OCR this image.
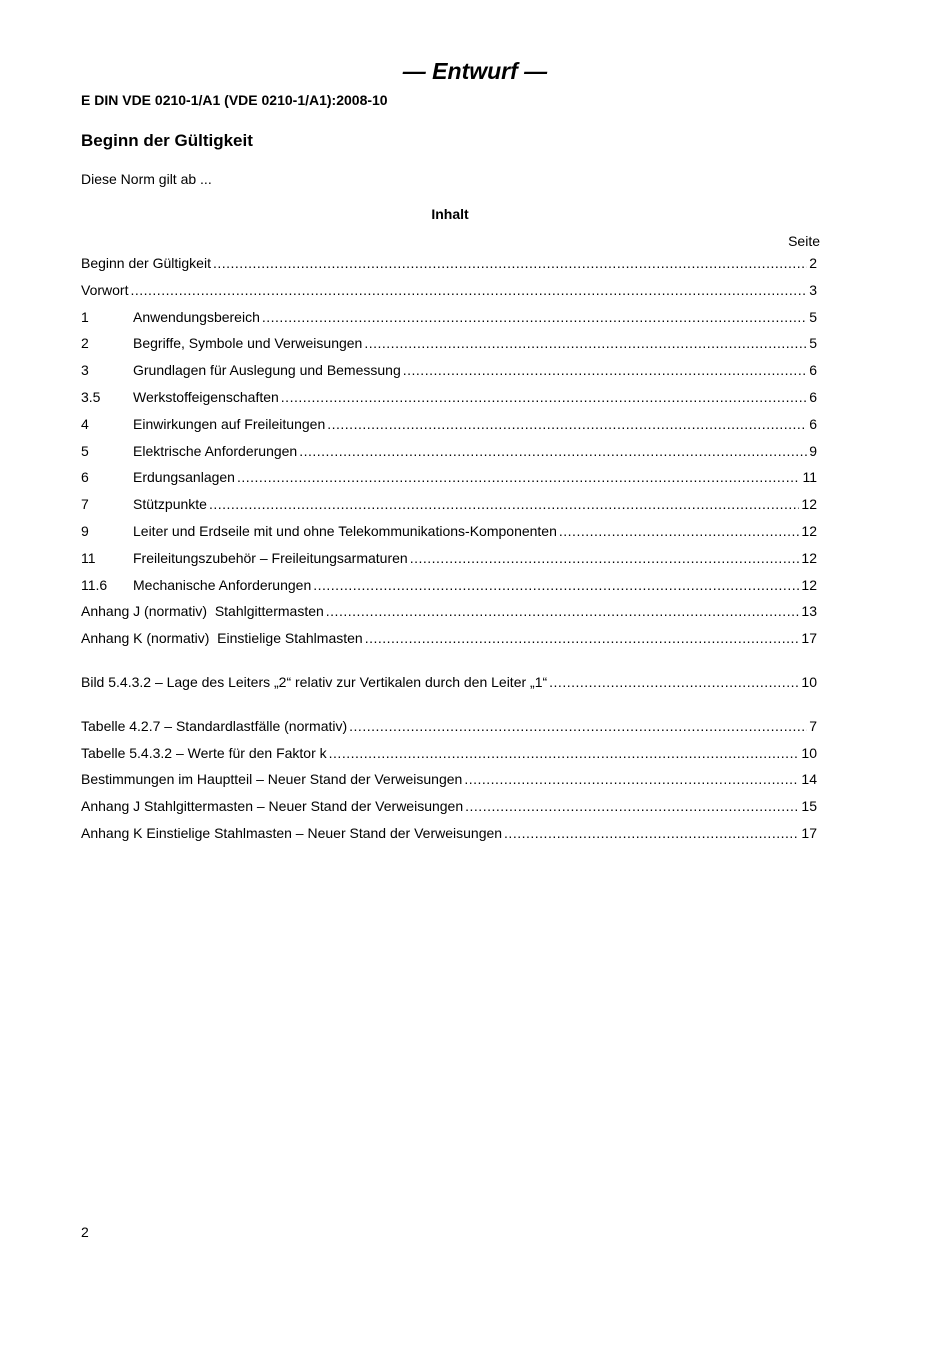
— Entwurf —
E DIN VDE 0210-1/A1 (VDE 0210-1/A1):2008-10
Beginn der Gültigkeit
Diese Norm gilt ab ...
Inhalt
Seite
Beginn der Gültigkeit .....	2
Vorwort .....	3
1	Anwendungsbereich .....	5
2	Begriffe, Symbole und Verweisungen .....	5
3	Grundlagen für Auslegung und Bemessung .....	6
3.5	Werkstoffeigenschaften .....	6
4	Einwirkungen auf Freileitungen .....	6
5	Elektrische Anforderungen .....	9
6	Erdungsanlagen .....	11
7	Stützpunkte .....	12
9	Leiter und Erdseile mit und ohne Telekommunikations-Komponenten .....	12
11	Freileitungszubehör – Freileitungsarmaturen .....	12
11.6	Mechanische Anforderungen .....	12
Anhang J (normativ)  Stahlgittermasten .....	13
Anhang K (normativ)  Einstielige Stahlmasten .....	17
Bild 5.4.3.2 – Lage des Leiters „2“ relativ zur Vertikalen durch den Leiter „1“ .....	10
Tabelle 4.2.7 – Standardlastfälle (normativ) .....	7
Tabelle 5.4.3.2 – Werte für den Faktor k .....	10
Bestimmungen im Hauptteil – Neuer Stand der Verweisungen .....	14
Anhang J Stahlgittermasten – Neuer Stand der Verweisungen .....	15
Anhang K Einstielige Stahlmasten – Neuer Stand der Verweisungen .....	17
2
